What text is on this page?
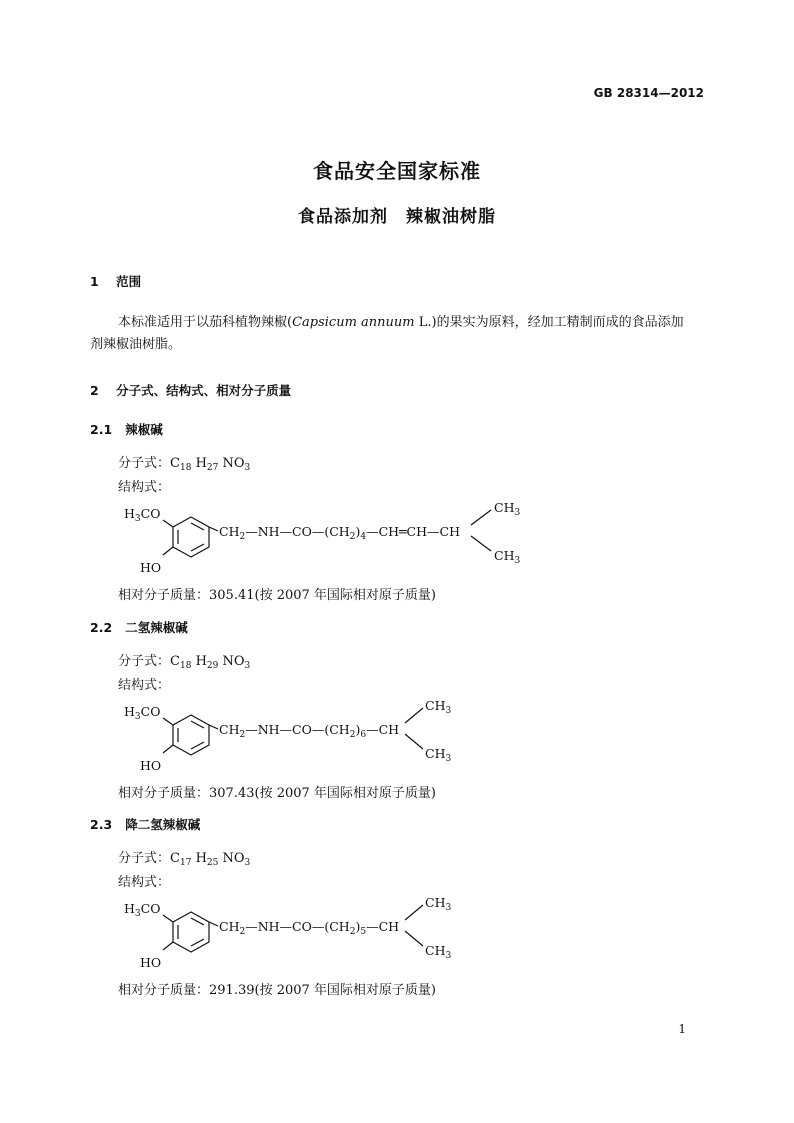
GB 28314—2012
食品安全国家标准
食品添加剂　辣椒油树脂
1 范围
本标准适用于以茄科植物辣椒(Capsicum annuum L.)的果实为原料，经加工精制而成的食品添加
剂辣椒油树脂。
2 分子式、结构式、相对分子质量
2.1 辣椒碱
分子式：$C_{18}$ $H_{27}$ $NO_3$
结构式：
$H_3CO$
HO
$CH_2—NH—CO—(CH_2)_4—CH═CH—CH$
$CH_3$
$CH_3$
相对分子质量：305.41(按 2007 年国际相对原子质量)
2.2 二氢辣椒碱
分子式：$C_{18}$ $H_{29}$ $NO_3$
结构式：
$H_3CO$
HO
$CH_2—NH—CO—(CH_2)_6—CH$
$CH_3$
$CH_3$
相对分子质量：307.43(按 2007 年国际相对原子质量)
2.3 降二氢辣椒碱
分子式：$C_{17}$ $H_{25}$ $NO_3$
结构式：
$H_3CO$
HO
$CH_2—NH—CO—(CH_2)_5—CH$
$CH_3$
$CH_3$
相对分子质量：291.39(按 2007 年国际相对原子质量)
1
